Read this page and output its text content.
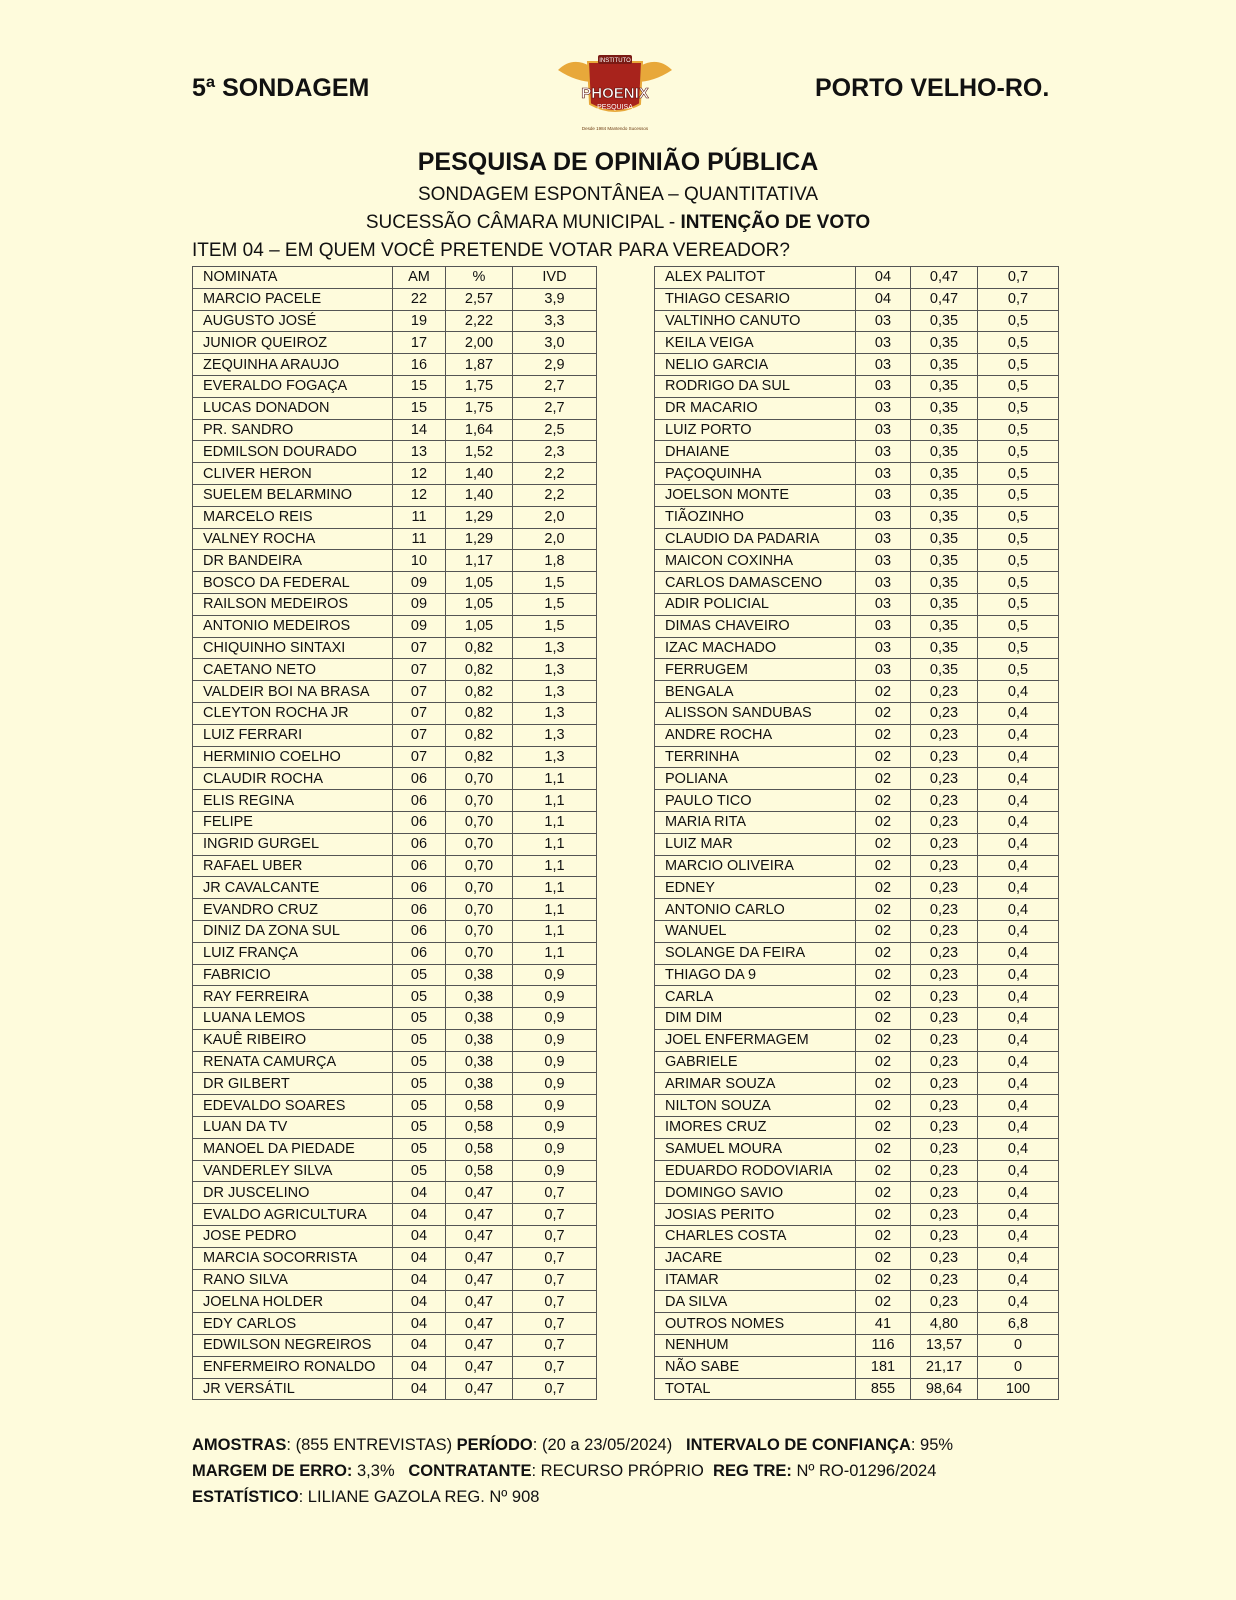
5ª SONDAGEM	PORTO VELHO-RO.
INSTITUTO
PHOENIX
PESQUISA
Desde 1984 Mantendo Sucessos
PESQUISA DE OPINIÃO PÚBLICA
SONDAGEM ESPONTÂNEA – QUANTITATIVA
SUCESSÃO CÂMARA MUNICIPAL - INTENÇÃO DE VOTO
ITEM 04 – EM QUEM VOCÊ PRETENDE VOTAR PARA VEREADOR?
NOMINATA	AM	%	IVD
MARCIO PACELE	22	2,57	3,9
AUGUSTO JOSÉ	19	2,22	3,3
JUNIOR QUEIROZ	17	2,00	3,0
ZEQUINHA ARAUJO	16	1,87	2,9
EVERALDO FOGAÇA	15	1,75	2,7
LUCAS DONADON	15	1,75	2,7
PR. SANDRO	14	1,64	2,5
EDMILSON DOURADO	13	1,52	2,3
CLIVER HERON	12	1,40	2,2
SUELEM BELARMINO	12	1,40	2,2
MARCELO REIS	11	1,29	2,0
VALNEY ROCHA	11	1,29	2,0
DR BANDEIRA	10	1,17	1,8
BOSCO DA FEDERAL	09	1,05	1,5
RAILSON MEDEIROS	09	1,05	1,5
ANTONIO MEDEIROS	09	1,05	1,5
CHIQUINHO SINTAXI	07	0,82	1,3
CAETANO NETO	07	0,82	1,3
VALDEIR BOI NA BRASA	07	0,82	1,3
CLEYTON ROCHA JR	07	0,82	1,3
LUIZ FERRARI	07	0,82	1,3
HERMINIO COELHO	07	0,82	1,3
CLAUDIR ROCHA	06	0,70	1,1
ELIS REGINA	06	0,70	1,1
FELIPE	06	0,70	1,1
INGRID GURGEL	06	0,70	1,1
RAFAEL UBER	06	0,70	1,1
JR CAVALCANTE	06	0,70	1,1
EVANDRO CRUZ	06	0,70	1,1
DINIZ DA ZONA SUL	06	0,70	1,1
LUIZ FRANÇA	06	0,70	1,1
FABRICIO	05	0,38	0,9
RAY FERREIRA	05	0,38	0,9
LUANA LEMOS	05	0,38	0,9
KAUÊ RIBEIRO	05	0,38	0,9
RENATA CAMURÇA	05	0,38	0,9
DR GILBERT	05	0,38	0,9
EDEVALDO SOARES	05	0,58	0,9
LUAN DA TV	05	0,58	0,9
MANOEL DA PIEDADE	05	0,58	0,9
VANDERLEY SILVA	05	0,58	0,9
DR JUSCELINO	04	0,47	0,7
EVALDO AGRICULTURA	04	0,47	0,7
JOSE PEDRO	04	0,47	0,7
MARCIA SOCORRISTA	04	0,47	0,7
RANO SILVA	04	0,47	0,7
JOELNA HOLDER	04	0,47	0,7
EDY CARLOS	04	0,47	0,7
EDWILSON NEGREIROS	04	0,47	0,7
ENFERMEIRO RONALDO	04	0,47	0,7
JR VERSÁTIL	04	0,47	0,7
ALEX PALITOT	04	0,47	0,7
THIAGO CESARIO	04	0,47	0,7
VALTINHO CANUTO	03	0,35	0,5
KEILA VEIGA	03	0,35	0,5
NELIO GARCIA	03	0,35	0,5
RODRIGO DA SUL	03	0,35	0,5
DR MACARIO	03	0,35	0,5
LUIZ PORTO	03	0,35	0,5
DHAIANE	03	0,35	0,5
PAÇOQUINHA	03	0,35	0,5
JOELSON MONTE	03	0,35	0,5
TIÃOZINHO	03	0,35	0,5
CLAUDIO DA PADARIA	03	0,35	0,5
MAICON COXINHA	03	0,35	0,5
CARLOS DAMASCENO	03	0,35	0,5
ADIR POLICIAL	03	0,35	0,5
DIMAS CHAVEIRO	03	0,35	0,5
IZAC MACHADO	03	0,35	0,5
FERRUGEM	03	0,35	0,5
BENGALA	02	0,23	0,4
ALISSON SANDUBAS	02	0,23	0,4
ANDRE ROCHA	02	0,23	0,4
TERRINHA	02	0,23	0,4
POLIANA	02	0,23	0,4
PAULO TICO	02	0,23	0,4
MARIA RITA	02	0,23	0,4
LUIZ MAR	02	0,23	0,4
MARCIO OLIVEIRA	02	0,23	0,4
EDNEY	02	0,23	0,4
ANTONIO CARLO	02	0,23	0,4
WANUEL	02	0,23	0,4
SOLANGE DA FEIRA	02	0,23	0,4
THIAGO DA 9	02	0,23	0,4
CARLA	02	0,23	0,4
DIM DIM	02	0,23	0,4
JOEL ENFERMAGEM	02	0,23	0,4
GABRIELE	02	0,23	0,4
ARIMAR SOUZA	02	0,23	0,4
NILTON SOUZA	02	0,23	0,4
IMORES CRUZ	02	0,23	0,4
SAMUEL MOURA	02	0,23	0,4
EDUARDO RODOVIARIA	02	0,23	0,4
DOMINGO SAVIO	02	0,23	0,4
JOSIAS PERITO	02	0,23	0,4
CHARLES COSTA	02	0,23	0,4
JACARE	02	0,23	0,4
ITAMAR	02	0,23	0,4
DA SILVA	02	0,23	0,4
OUTROS NOMES	41	4,80	6,8
NENHUM	116	13,57	0
NÃO SABE	181	21,17	0
TOTAL	855	98,64	100
AMOSTRAS: (855 ENTREVISTAS) PERÍODO: (20 a 23/05/2024)   INTERVALO DE CONFIANÇA: 95%
MARGEM DE ERRO: 3,3%   CONTRATANTE: RECURSO PRÓPRIO  REG TRE: Nº RO-01296/2024
ESTATÍSTICO: LILIANE GAZOLA REG. Nº 908
